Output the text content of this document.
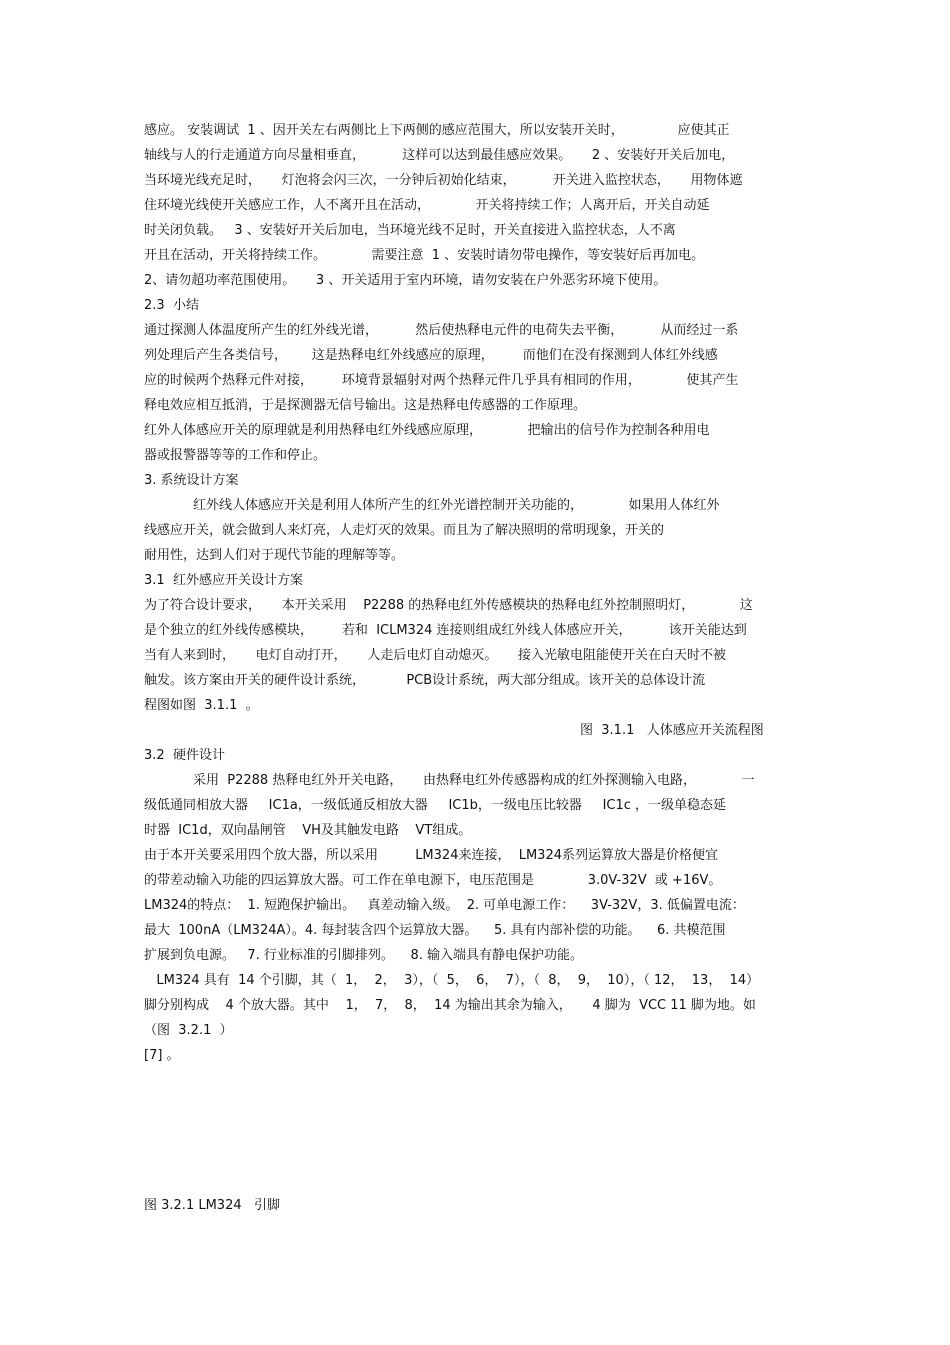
感应。 安装调试  1 、因开关左右两侧比上下两侧的感应范围大，所以安装开关时，             应使其正
轴线与人的行走通道方向尽量相垂直，         这样可以达到最佳感应效果。     2 、安装好开关后加电，
当环境光线充足时，     灯泡将会闪三次，一分钟后初始化结束，         开关进入监控状态，     用物体遮
住环境光线使开关感应工作，人不离开且在活动，           开关将持续工作；人离开后，开关自动延
时关闭负载。   3 、安装好开关后加电，当环境光线不足时，开关直接进入监控状态，人不离
开且在活动，开关将持续工作。           需要注意  1 、安装时请勿带电操作，等安装好后再加电。
2、请勿超功率范围使用。     3 、开关适用于室内环境，请勿安装在户外恶劣环境下使用。
2.3  小结
通过探测人体温度所产生的红外线光谱，         然后使热释电元件的电荷失去平衡，         从而经过一系
列处理后产生各类信号，      这是热释电红外线感应的原理，       而他们在没有探测到人体红外线感
应的时候两个热释元件对接，       环境背景辐射对两个热释元件几乎具有相同的作用，           使其产生
释电效应相互抵消，于是探测器无信号输出。这是热释电传感器的工作原理。
红外人体感应开关的原理就是利用热释电红外线感应原理，           把输出的信号作为控制各种用电
器或报警器等等的工作和停止。
3. 系统设计方案
红外线人体感应开关是利用人体所产生的红外光谱控制开关功能的，           如果用人体红外
线感应开关，就会做到人来灯亮，人走灯灭的效果。而且为了解决照明的常明现象，开关的
耐用性，达到人们对于现代节能的理解等等。
3.1  红外感应开关设计方案
为了符合设计要求，     本开关采用    P2288 的热释电红外传感模块的热释电红外控制照明灯，           这
是个独立的红外线传感模块，       若和  ICLM324 连接则组成红外线人体感应开关，         该开关能达到
当有人来到时，     电灯自动打开，     人走后电灯自动熄灭。     接入光敏电阻能使开关在白天时不被
触发。该方案由开关的硬件设计系统，          PCB设计系统，两大部分组成。该开关的总体设计流
程图如图  3.1.1  。
图  3.1.1   人体感应开关流程图
3.2  硬件设计
采用  P2288 热释电红外开关电路，     由热释电红外传感器构成的红外探测输入电路，           一
级低通同相放大器     IC1a，一级低通反相放大器     IC1b，一级电压比较器     IC1c ，一级单稳态延
时器  IC1d，双向晶闸管    VH及其触发电路    VT组成。
由于本开关要采用四个放大器，所以采用         LM324来连接，  LM324系列运算放大器是价格便宜
的带差动输入功能的四运算放大器。可工作在单电源下，电压范围是             3.0V-32V  或 +16V。
LM324的特点：  1. 短跑保护输出。   真差动输入级。  2. 可单电源工作：    3V-32V，3. 低偏置电流：
最大  100nA（LM324A）。4. 每封装含四个运算放大器。    5. 具有内部补偿的功能。    6. 共模范围
扩展到负电源。   7. 行业标准的引脚排列。    8. 输入端具有静电保护功能。
LM324 具有  14 个引脚，其（  1，  2，  3），（  5，  6，  7），（  8，  9，  10），（ 12，  13，  14）
脚分别构成    4 个放大器。其中    1，  7，  8，  14 为输出其余为输入，     4 脚为  VCC 11 脚为地。如
（图  3.2.1  ）
[7] 。
图 3.2.1 LM324   引脚
